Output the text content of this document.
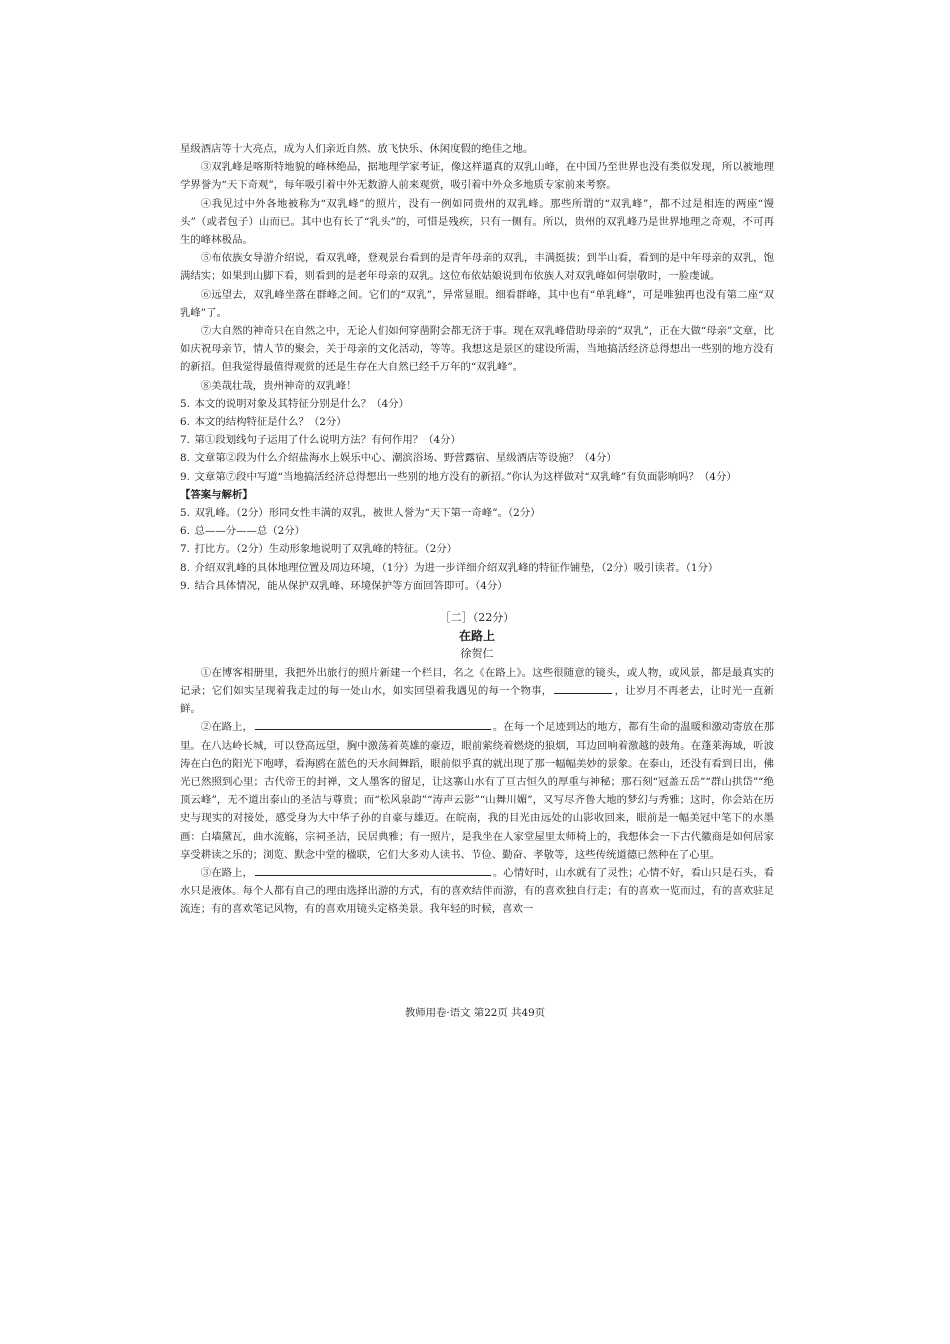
星级酒店等十大亮点，成为人们亲近自然、放飞快乐、休闲度假的绝佳之地。

③双乳峰是喀斯特地貌的峰林绝品，据地理学家考证，像这样逼真的双乳山峰，在中国乃至世界也没有类似发现，所以被地理学界誉为“天下奇观”，每年吸引着中外无数游人前来观赏，吸引着中外众多地质专家前来考察。

④我见过中外各地被称为“双乳峰”的照片，没有一例如同贵州的双乳峰。那些所谓的“双乳峰”，都不过是相连的两座“馒头”（或者包子）山而已。其中也有长了“乳头”的，可惜是残疾，只有一侧有。所以，贵州的双乳峰乃是世界地理之奇观，不可再生的峰林极品。

⑤布依族女导游介绍说，看双乳峰，登观景台看到的是青年母亲的双乳，丰满挺拔；到半山看，看到的是中年母亲的双乳，饱满结实；如果到山脚下看，则看到的是老年母亲的双乳。这位布依姑娘说到布依族人对双乳峰如何崇敬时，一脸虔诚。

⑥远望去，双乳峰坐落在群峰之间。它们的“双乳”，异常显眼。细看群峰，其中也有“单乳峰”，可是唯独再也没有第二座“双乳峰”了。

⑦大自然的神奇只在自然之中，无论人们如何穿凿附会都无济于事。现在双乳峰借助母亲的“双乳”，正在大做“母亲”文章，比如庆祝母亲节，情人节的聚会，关于母亲的文化活动，等等。我想这是景区的建设所需，当地搞活经济总得想出一些别的地方没有的新招。但我觉得最值得观赏的还是生存在大自然已经千万年的“双乳峰”。

⑧美哉壮哉，贵州神奇的双乳峰！

5. 本文的说明对象及其特征分别是什么？（4分）

6. 本文的结构特征是什么？（2分）

7. 第①段划线句子运用了什么说明方法？有何作用？（4分）

8. 文章第②段为什么介绍盐海水上娱乐中心、潮滨浴场、野营露宿、星级酒店等设施？（4分）

9. 文章第⑦段中写道“当地搞活经济总得想出一些别的地方没有的新招。”你认为这样做对“双乳峰”有负面影响吗？（4分）

【答案与解析】

5. 双乳峰。（2分）形同女性丰满的双乳，被世人誉为“天下第一奇峰”。（2分）

6. 总——分——总（2分）

7. 打比方。（2分）生动形象地说明了双乳峰的特征。（2分）

8. 介绍双乳峰的具体地理位置及周边环境，（1分）为进一步详细介绍双乳峰的特征作铺垫，（2分）吸引读者。（1分）

9. 结合具体情况，能从保护双乳峰、环境保护等方面回答即可。（4分）

［二］（22分）

在路上

徐贺仁

①在博客相册里，我把外出旅行的照片新建一个栏目，名之《在路上》。这些很随意的镜头，或人物，或风景，都是最真实的记录；它们如实呈现着我走过的每一处山水，如实回望着我遇见的每一个物事，	，让岁月不再老去，让时光一直新鲜。

②在路上，	。在每一个足迹到达的地方，都有生命的温暖和激动寄放在那里。在八达岭长城，可以登高远望，胸中激荡着英雄的豪迈，眼前萦绕着燃烧的狼烟，耳边回响着激越的鼓角。在蓬莱海域，听波涛在白色的阳光下咆哮，看海鸥在蓝色的天水间舞蹈，眼前似乎真的就出现了那一幅幅美妙的景象。在泰山，还没有看到日出，佛光已然照到心里；古代帝王的封禅，文人墨客的留足，让这寨山水有了亘古恒久的厚重与神秘；那石刻“冠盖五岳”“群山拱岱”“绝顶云峰”，无不道出泰山的圣洁与尊贵；而“松风泉韵”“涛声云影”“山舞川媚”，又写尽齐鲁大地的梦幻与秀雅；这时，你会站在历史与现实的对接处，感受身为大中华子孙的自豪与雄迈。在皖南，我的目光由远处的山影收回来，眼前是一幅美冠中笔下的水墨画：白墙黛瓦，曲水流觞，宗祠圣洁，民居典雅；有一照片，是我坐在人家堂屋里太师椅上的，我想体会一下古代徽商是如何居家享受耕读之乐的；浏览、默念中堂的楹联，它们大多劝人读书、节俭、勤奋、孝敬等，这些传统道德已然种在了心里。

③在路上，	。心情好时，山水就有了灵性；心情不好，看山只是石头，看水只是液体。每个人都有自己的理由选择出游的方式，有的喜欢结伴而游，有的喜欢独自行走；有的喜欢一览而过，有的喜欢驻足流连；有的喜欢笔记风物，有的喜欢用镜头定格美景。我年轻的时候，喜欢一

教师用卷·语文 第22页 共49页
